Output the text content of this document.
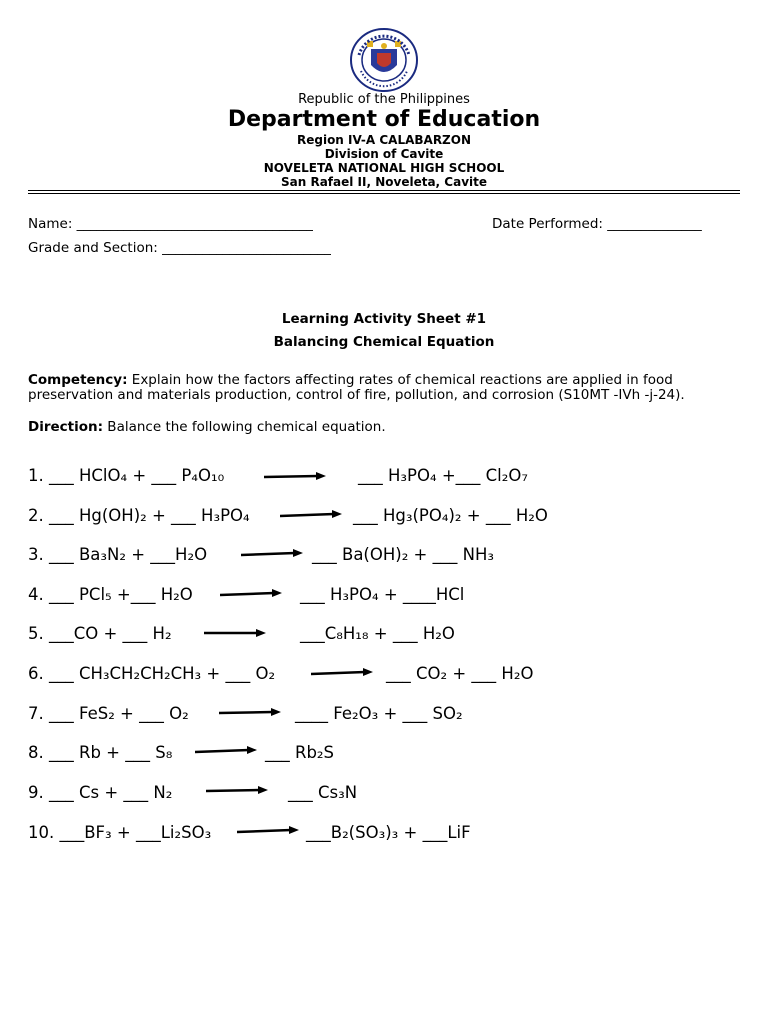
Republic of the Philippines
Department of Education
Region IV-A CALABARZON
Division of Cavite
NOVELETA NATIONAL HIGH SCHOOL
San Rafael II, Noveleta, Cavite
Name: ___________________________________	Date Performed: ______________
Grade and Section: _________________________
Learning Activity Sheet #1
Balancing Chemical Equation
Competency: Explain how the factors affecting rates of chemical reactions are applied in food preservation and materials production, control of fire, pollution, and corrosion (S10MT -IVh -j-24).
Direction: Balance the following chemical equation.
1. ___ HClO₄ + ___ P₄O₁₀	___ H₃PO₄ +___ Cl₂O₇
2. ___ Hg(OH)₂ + ___ H₃PO₄	___ Hg₃(PO₄)₂ + ___ H₂O
3. ___ Ba₃N₂ + ___H₂O	___ Ba(OH)₂ + ___ NH₃
4. ___ PCl₅ +___ H₂O	___ H₃PO₄ + ____HCl
5. ___CO + ___ H₂	___C₈H₁₈ + ___ H₂O
6. ___ CH₃CH₂CH₂CH₃ + ___ O₂	___ CO₂ + ___ H₂O
7. ___ FeS₂ + ___ O₂ → ____ Fe₂O₃ + ___ SO₂
8. ___ Rb + ___ S₈	___ Rb₂S
9. ___ Cs + ___ N₂ → ___ Cs₃N
10. ___BF₃ + ___Li₂SO₃	___B₂(SO₃)₃ + ___LiF
